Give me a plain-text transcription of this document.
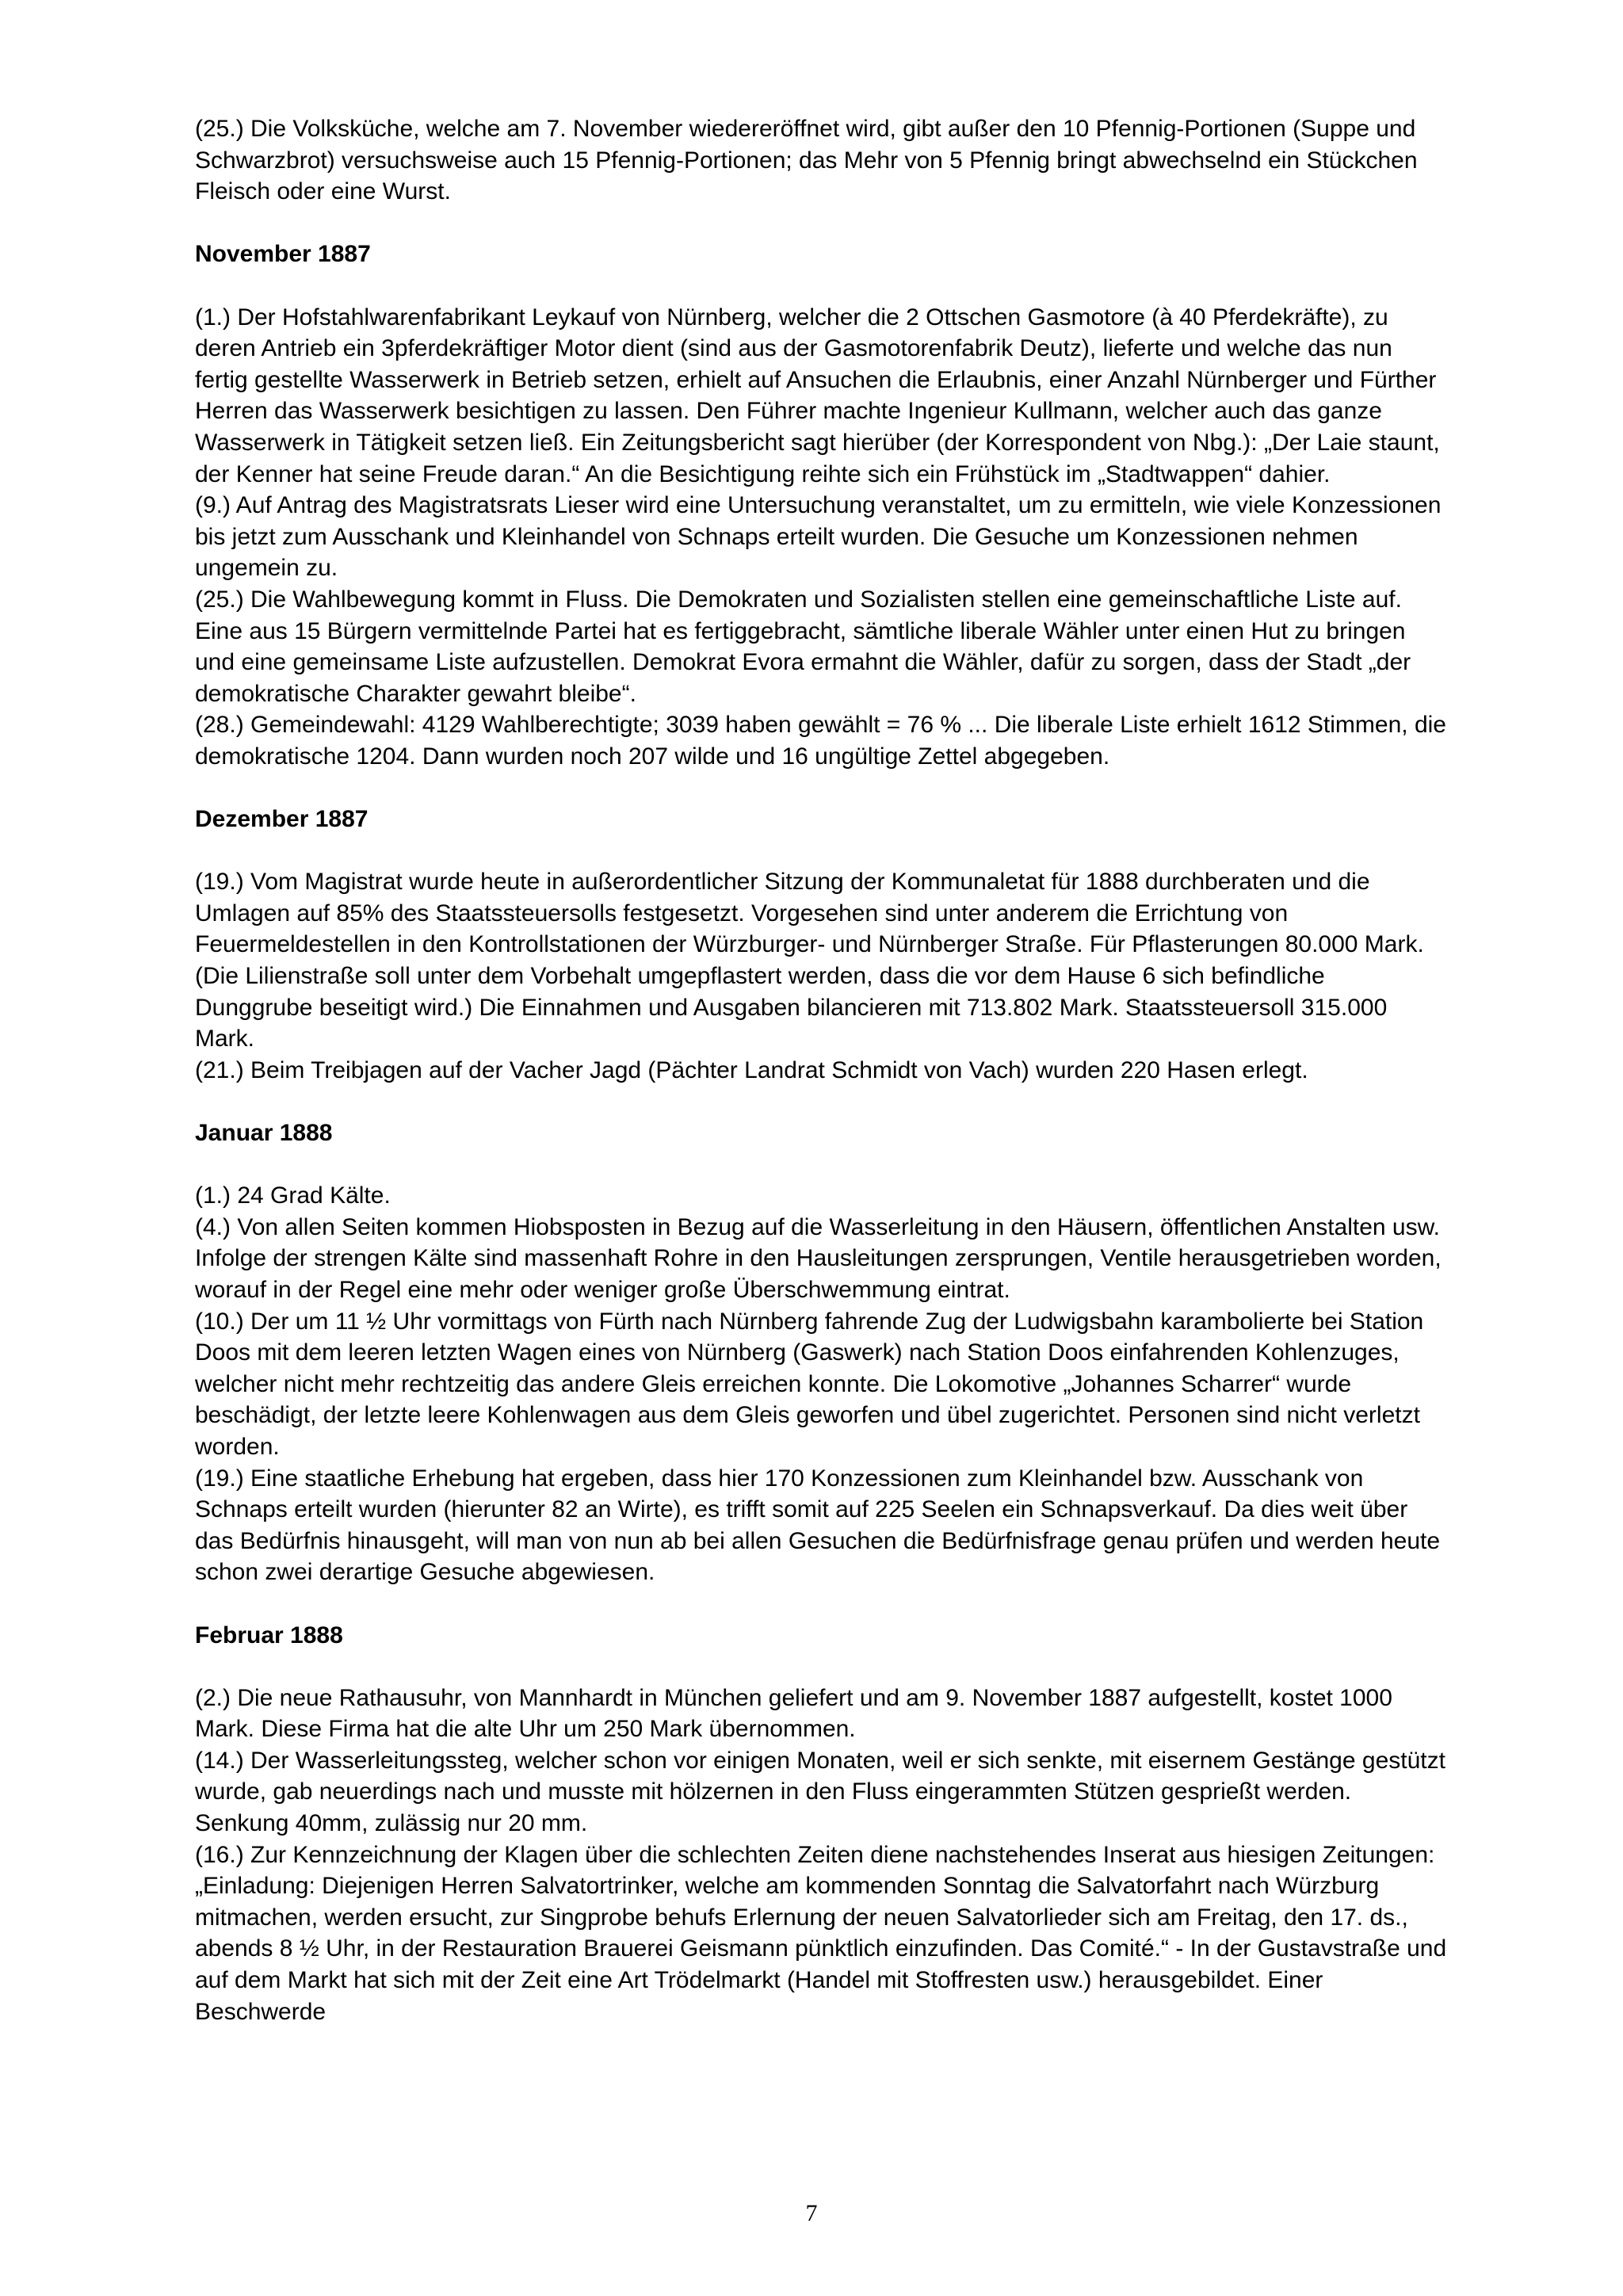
(25.) Die Volksküche, welche am 7. November wiedereröffnet wird, gibt außer den 10 Pfennig-Portionen (Suppe und Schwarzbrot) versuchsweise auch 15 Pfennig-Portionen; das Mehr von 5 Pfennig bringt abwechselnd ein Stückchen Fleisch oder eine Wurst.

November 1887

(1.) Der Hofstahlwarenfabrikant Leykauf von Nürnberg, welcher die 2 Ottschen Gasmotore (à 40 Pferdekräfte), zu deren Antrieb ein 3pferdekräftiger Motor dient (sind aus der Gasmotorenfabrik Deutz), lieferte und welche das nun fertig gestellte Wasserwerk in Betrieb setzen, erhielt auf Ansuchen die Erlaubnis, einer Anzahl Nürnberger und Fürther Herren das Wasserwerk besichtigen zu lassen. Den Führer machte Ingenieur Kullmann, welcher auch das ganze Wasserwerk in Tätigkeit setzen ließ. Ein Zeitungsbericht sagt hierüber (der Korrespondent von Nbg.): „Der Laie staunt, der Kenner hat seine Freude daran.“ An die Besichtigung reihte sich ein Frühstück im „Stadtwappen“ dahier.

(9.) Auf Antrag des Magistratsrats Lieser wird eine Untersuchung veranstaltet, um zu ermitteln, wie viele Konzessionen bis jetzt zum Ausschank und Kleinhandel von Schnaps erteilt wurden. Die Gesuche um Konzessionen nehmen ungemein zu.

(25.) Die Wahlbewegung kommt in Fluss. Die Demokraten und Sozialisten stellen eine gemeinschaftliche Liste auf. Eine aus 15 Bürgern vermittelnde Partei hat es fertiggebracht, sämtliche liberale Wähler unter einen Hut zu bringen und eine gemeinsame Liste aufzustellen. Demokrat Evora ermahnt die Wähler, dafür zu sorgen, dass der Stadt „der demokratische Charakter gewahrt bleibe“.

(28.) Gemeindewahl: 4129 Wahlberechtigte; 3039 haben gewählt = 76 % ... Die liberale Liste erhielt 1612 Stimmen, die demokratische 1204. Dann wurden noch 207 wilde und 16 ungültige Zettel abgegeben.

Dezember 1887

(19.) Vom Magistrat wurde heute in außerordentlicher Sitzung der Kommunaletat für 1888 durchberaten und die Umlagen auf 85% des Staatssteuersolls festgesetzt. Vorgesehen sind unter anderem die Errichtung von Feuermeldestellen in den Kontrollstationen der Würzburger- und Nürnberger Straße. Für Pflasterungen 80.000 Mark. (Die Lilienstraße soll unter dem Vorbehalt umgepflastert werden, dass die vor dem Hause 6 sich befindliche Dunggrube beseitigt wird.) Die Einnahmen und Ausgaben bilancieren mit 713.802 Mark. Staatssteuersoll 315.000 Mark.

(21.) Beim Treibjagen auf der Vacher Jagd (Pächter Landrat Schmidt von Vach) wurden 220 Hasen erlegt.

Januar 1888

(1.) 24 Grad Kälte.

(4.) Von allen Seiten kommen Hiobsposten in Bezug auf die Wasserleitung in den Häusern, öffentlichen Anstalten usw. Infolge der strengen Kälte sind massenhaft Rohre in den Hausleitungen zersprungen, Ventile herausgetrieben worden, worauf in der Regel eine mehr oder weniger große Überschwemmung eintrat.

(10.) Der um 11 ½ Uhr vormittags von Fürth nach Nürnberg fahrende Zug der Ludwigsbahn karambolierte bei Station Doos mit dem leeren letzten Wagen eines von Nürnberg (Gaswerk) nach Station Doos einfahrenden Kohlenzuges, welcher nicht mehr rechtzeitig das andere Gleis erreichen konnte. Die Lokomotive „Johannes Scharrer“ wurde beschädigt, der letzte leere Kohlenwagen aus dem Gleis geworfen und übel zugerichtet. Personen sind nicht verletzt worden.

(19.) Eine staatliche Erhebung hat ergeben, dass hier 170 Konzessionen zum Kleinhandel bzw. Ausschank von Schnaps erteilt wurden (hierunter 82 an Wirte), es trifft somit auf 225 Seelen ein Schnapsverkauf. Da dies weit über das Bedürfnis hinausgeht, will man von nun ab bei allen Gesuchen die Bedürfnisfrage genau prüfen und werden heute schon zwei derartige Gesuche abgewiesen.

Februar 1888

(2.) Die neue Rathausuhr, von Mannhardt in München geliefert und am 9. November 1887 aufgestellt, kostet 1000 Mark. Diese Firma hat die alte Uhr um 250 Mark übernommen.

(14.) Der Wasserleitungssteg, welcher schon vor einigen Monaten, weil er sich senkte, mit eisernem Gestänge gestützt wurde, gab neuerdings nach und musste mit hölzernen in den Fluss eingerammten Stützen gesprießt werden. Senkung 40mm, zulässig nur 20 mm.

(16.) Zur Kennzeichnung der Klagen über die schlechten Zeiten diene nachstehendes Inserat aus hiesigen Zeitungen: „Einladung: Diejenigen Herren Salvatortrinker, welche am kommenden Sonntag die Salvatorfahrt nach Würzburg mitmachen, werden ersucht, zur Singprobe behufs Erlernung der neuen Salvatorlieder sich am Freitag, den 17. ds., abends 8 ½ Uhr, in der Restauration Brauerei Geismann pünktlich einzufinden. Das Comité.“ - In der Gustavstraße und auf dem Markt hat sich mit der Zeit eine Art Trödelmarkt (Handel mit Stoffresten usw.) herausgebildet. Einer Beschwerde

7
